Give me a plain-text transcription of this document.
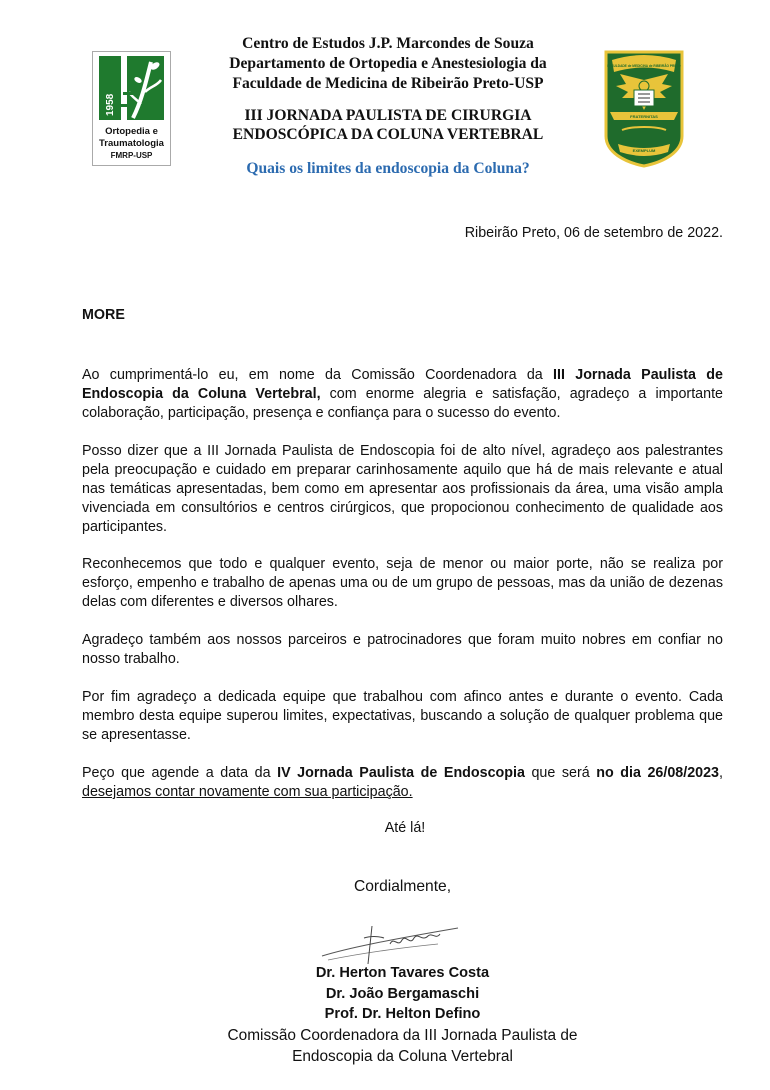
1958
Ortopedia e
Traumatologia
FMRP-USP
FACULDADE de MEDICINA de RIBEIRÃO PRETO
FRATERNITAS
EXEMPLUM
Centro de Estudos J.P. Marcondes de Souza
Departamento de Ortopedia e Anestesiologia da
Faculdade de Medicina de Ribeirão Preto-USP
III JORNADA PAULISTA DE CIRURGIA
ENDOSCÓPICA DA COLUNA VERTEBRAL
Quais os limites da endoscopia da Coluna?
Ribeirão Preto, 06 de setembro de 2022.
MORE

Ao cumprimentá-lo eu, em nome da Comissão Coordenadora da III Jornada Paulista de Endoscopia da Coluna Vertebral, com enorme alegria e satisfação, agradeço a importante colaboração, participação, presença e confiança para o sucesso do evento.

Posso dizer que a III Jornada Paulista de Endoscopia foi de alto nível, agradeço aos palestrantes pela preocupação e cuidado em preparar carinhosamente aquilo que há de mais relevante e atual nas temáticas apresentadas, bem como em apresentar aos profissionais da área, uma visão ampla vivenciada em consultórios e centros cirúrgicos, que propocionou conhecimento de qualidade aos participantes.

Reconhecemos que todo e qualquer evento, seja de menor ou maior porte, não se realiza por esforço, empenho e trabalho de apenas uma ou de um grupo de pessoas, mas da união de dezenas delas com diferentes e diversos olhares.

Agradeço também aos nossos parceiros e patrocinadores que foram muito nobres em confiar no nosso trabalho.

Por fim agradeço a dedicada equipe que trabalhou com afinco antes e durante o evento. Cada membro desta equipe superou limites, expectativas, buscando a solução de qualquer problema que se apresentasse.

Peço que agende a data da IV Jornada Paulista de Endoscopia que será no dia 26/08/2023, desejamos contar novamente com sua participação.

Até lá!
Cordialmente,
Dr. Herton Tavares Costa
Dr. João Bergamaschi
Prof. Dr. Helton Defino
Comissão Coordenadora da III Jornada Paulista de
Endoscopia da Coluna Vertebral
